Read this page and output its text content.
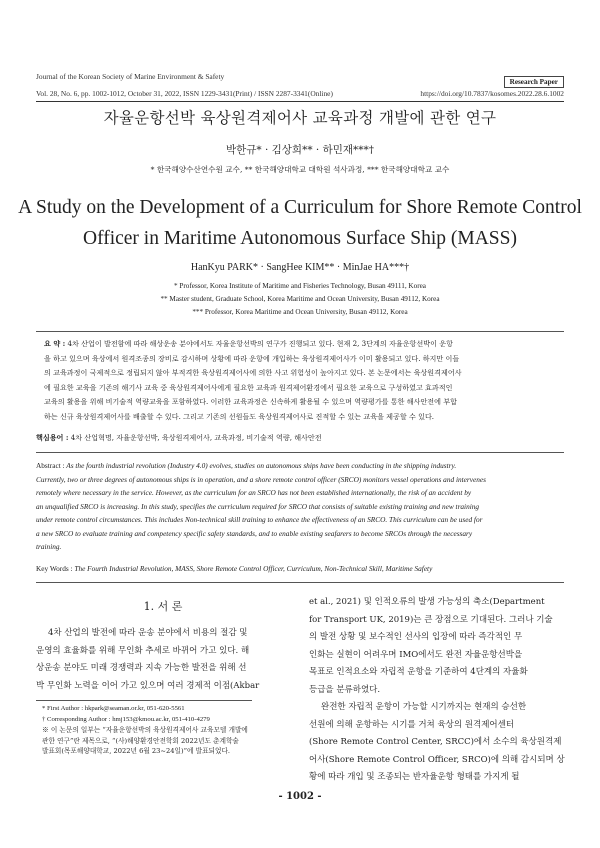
Journal of the Korean Society of Marine Environment & Safety
Research Paper
Vol. 28, No. 6, pp. 1002-1012, October 31, 2022, ISSN 1229-3431(Print) / ISSN 2287-3341(Online)	https://doi.org/10.7837/kosomes.2022.28.6.1002
자율운항선박 육상원격제어사 교육과정 개발에 관한 연구
박한규* · 김상희** · 하민재***†
* 한국해양수산연수원 교수, ** 한국해양대학교 대학원 석사과정, *** 한국해양대학교 교수
A Study on the Development of a Curriculum for Shore Remote Control
Officer in Maritime Autonomous Surface Ship (MASS)
HanKyu PARK* · SangHee KIM** · MinJae HA***†
* Professor, Korea Institute of Maritime and Fisheries Technology, Busan 49111, Korea
** Master student, Graduate School, Korea Maritime and Ocean University, Busan 49112, Korea
*** Professor, Korea Maritime and Ocean University, Busan 49112, Korea
요 약 : 4차 산업이 발전함에 따라 해상운송 분야에서도 자율운항선박의 연구가 진행되고 있다. 현재 2, 3단계의 자율운항선박이 운항
을 하고 있으며 육상에서 원격조종의 장비로 감시하며 상황에 따라 운항에 개입하는 육상원격제어사가 이미 활용되고 있다. 하지만 이들
의 교육과정이 국제적으로 정립되지 않아 부적격한 육상원격제어사에 의한 사고 위험성이 높아지고 있다. 본 논문에서는 육상원격제어사
에 필요한 교육을 기존의 해기사 교육 중 육상원격제어사에게 필요한 교육과 원격제어환경에서 필요한 교육으로 구성하였고 효과적인
교육의 활용을 위해 비기술적 역량교육을 포함하였다. 이러한 교육과정은 신속하게 활용될 수 있으며 역량평가를 통한 해사안전에 부합
하는 신규 육상원격제어사를 배출할 수 있다. 그리고 기존의 선원들도 육상원격제어사로 진적할 수 있는 교육을 제공할 수 있다.
핵심용어 : 4차 산업혁명, 자율운항선박, 육상원격제어사, 교육과정, 비기술적 역량, 해사안전
Abstract : As the fourth industrial revolution (Industry 4.0) evolves, studies on autonomous ships have been conducting in the shipping industry.
Currently, two or three degrees of autonomous ships is in operation, and a shore remote control officer (SRCO) monitors vessel operations and intervenes
remotely where necessary in the service. However, as the curriculum for an SRCO has not been established internationally, the risk of an accident by
an unqualified SRCO is increasing. In this study, specifies the curriculum required for SRCO that consists of suitable existing training and new training
under remote control circumstances. This includes Non-technical skill training to enhance the effectiveness of an SRCO. This curriculum can be used for
a new SRCO to evaluate training and competency specific safety standards, and to enable existing seafarers to become SRCOs through the necessary
training.
Key Words : The Fourth Industrial Revolution, MASS, Shore Remote Control Officer, Curriculum, Non-Technical Skill, Maritime Safety
1. 서 론
4차 산업의 발전에 따라 운송 분야에서 비용의 절감 및
운영의 효율화를 위해 무인화 추세로 바뀌어 가고 있다. 해
상운송 분야도 미래 경쟁력과 지속 가능한 발전을 위해 선
박 무인화 노력을 이어 가고 있으며 여러 경제적 이점(Akbar
* First Author : hkpark@seaman.or.kr, 051-620-5561
† Corresponding Author : hmj153@kmou.ac.kr, 051-410-4279
※ 이 논문의 일부는 “자율운항선박의 육상원격제어사 교육모델 개발에
관한 연구”란 제목으로, “(사)해양환경안전학회 2022년도 춘계학술
발표회(목포해양대학교, 2022년 6월 23~24일)”에 발표되었다.
et al., 2021) 및 인적오류의 발생 가능성의 축소(Department
for Transport UK, 2019)는 큰 장점으로 기대된다. 그러나 기술
의 발전 상황 및 보수적인 선사의 입장에 따라 즉각적인 무
인화는 실현이 어려우며 IMO에서도 완전 자율운항선박을
목표로 인적요소와 자립적 운항을 기준하여 4단계의 자율화
등급을 분류하였다.
완전한 자립적 운항이 가능할 시기까지는 현재의 승선한
선원에 의해 운항하는 시기를 거쳐 육상의 원격제어센터
(Shore Remote Control Center, SRCC)에서 소수의 육상원격제
어사(Shore Remote Control Officer, SRCO)에 의해 감시되며 상
황에 따라 개입 및 조종되는 반자율운항 형태를 가지게 될
- 1002 -
